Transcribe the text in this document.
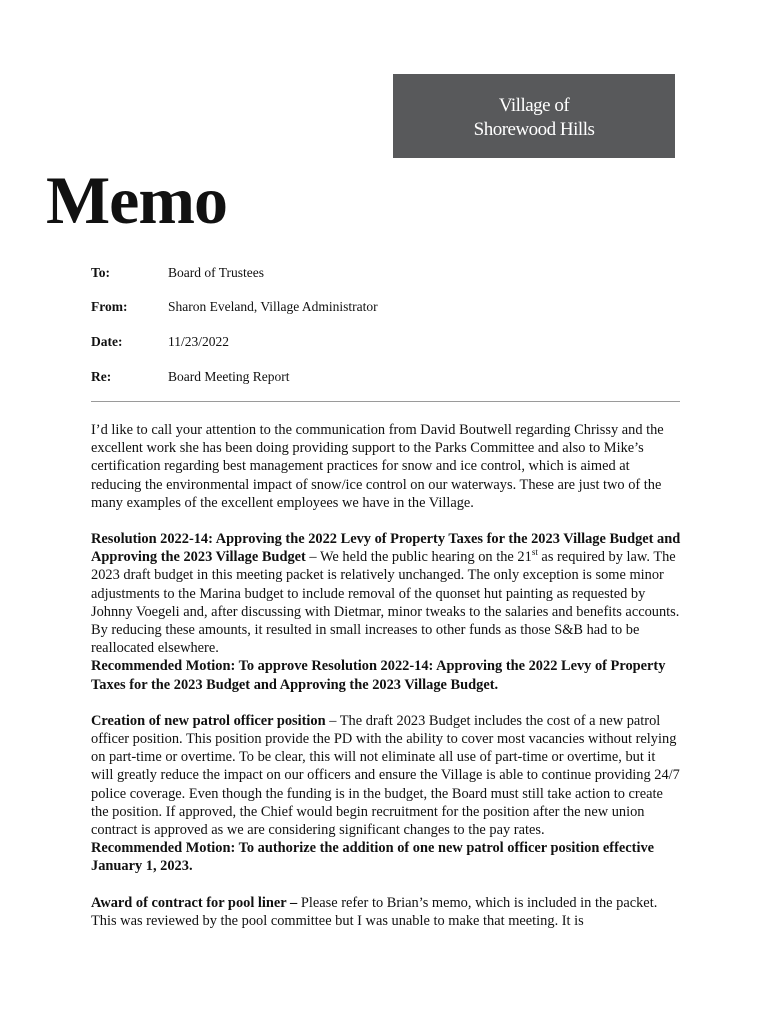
Village of
Shorewood Hills
Memo
To:	Board of Trustees
From:	Sharon Eveland, Village Administrator
Date:	11/23/2022
Re:	Board Meeting Report

I’d like to call your attention to the communication from David Boutwell regarding Chrissy and the excellent work she has been doing providing support to the Parks Committee and also to Mike’s certification regarding best management practices for snow and ice control, which is aimed at reducing the environmental impact of snow/ice control on our waterways. These are just two of the many examples of the excellent employees we have in the Village.

Resolution 2022-14: Approving the 2022 Levy of Property Taxes for the 2023 Village Budget and Approving the 2023 Village Budget – We held the public hearing on the 21st as required by law. The 2023 draft budget in this meeting packet is relatively unchanged. The only exception is some minor adjustments to the Marina budget to include removal of the quonset hut painting as requested by Johnny Voegeli and, after discussing with Dietmar, minor tweaks to the salaries and benefits accounts. By reducing these amounts, it resulted in small increases to other funds as those S&B had to be reallocated elsewhere.

Recommended Motion: To approve Resolution 2022-14: Approving the 2022 Levy of Property Taxes for the 2023 Budget and Approving the 2023 Village Budget.

Creation of new patrol officer position – The draft 2023 Budget includes the cost of a new patrol officer position. This position provide the PD with the ability to cover most vacancies without relying on part-time or overtime. To be clear, this will not eliminate all use of part-time or overtime, but it will greatly reduce the impact on our officers and ensure the Village is able to continue providing 24/7 police coverage. Even though the funding is in the budget, the Board must still take action to create the position. If approved, the Chief would begin recruitment for the position after the new union contract is approved as we are considering significant changes to the pay rates.

Recommended Motion: To authorize the addition of one new patrol officer position effective January 1, 2023.

Award of contract for pool liner – Please refer to Brian’s memo, which is included in the packet. This was reviewed by the pool committee but I was unable to make that meeting. It is
